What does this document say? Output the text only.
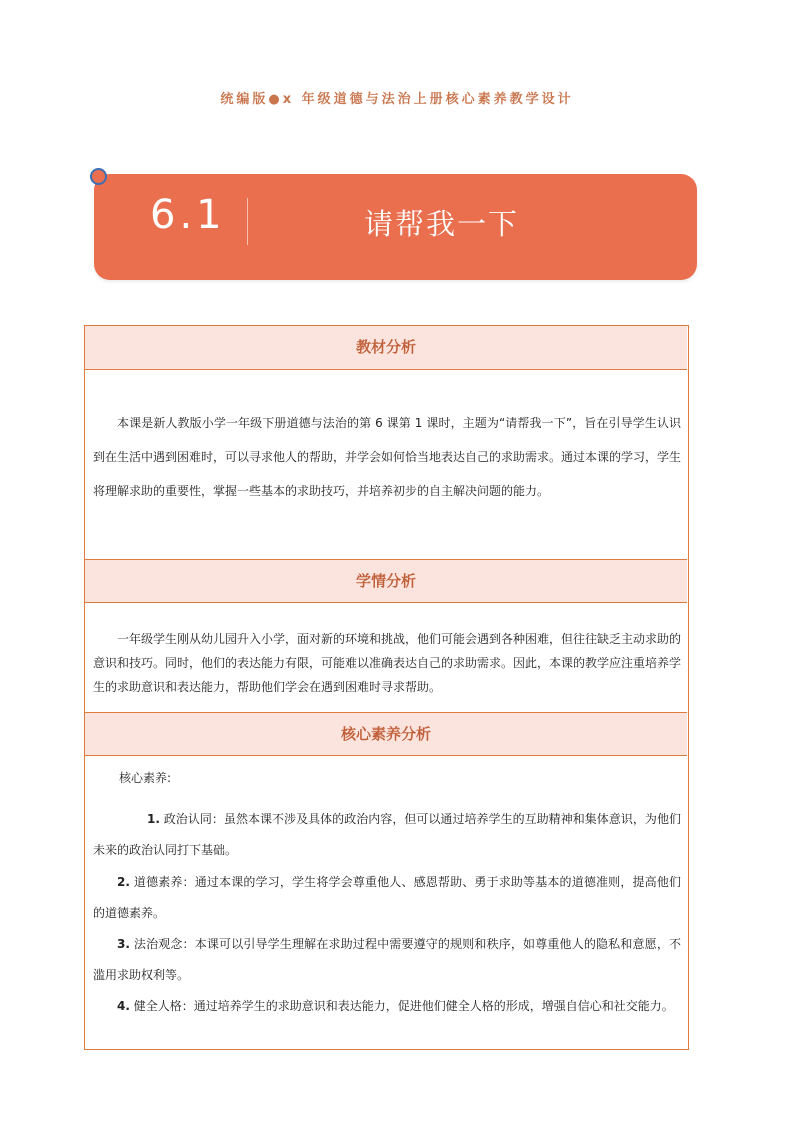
统编版●x 年级道德与法治上册核心素养教学设计
6.1	请帮我一下
教材分析
本课是新人教版小学一年级下册道德与法治的第 6 课第 1 课时，主题为“请帮我一下”，旨在引导学生认识到在生活中遇到困难时，可以寻求他人的帮助，并学会如何恰当地表达自己的求助需求。通过本课的学习，学生将理解求助的重要性，掌握一些基本的求助技巧，并培养初步的自主解决问题的能力。
学情分析
一年级学生刚从幼儿园升入小学，面对新的环境和挑战，他们可能会遇到各种困难，但往往缺乏主动求助的意识和技巧。同时，他们的表达能力有限，可能难以准确表达自己的求助需求。因此，本课的教学应注重培养学生的求助意识和表达能力，帮助他们学会在遇到困难时寻求帮助。
核心素养分析
核心素养:
1. 政治认同：虽然本课不涉及具体的政治内容，但可以通过培养学生的互助精神和集体意识，为他们未来的政治认同打下基础。
2. 道德素养：通过本课的学习，学生将学会尊重他人、感恩帮助、勇于求助等基本的道德准则，提高他们的道德素养。
3. 法治观念：本课可以引导学生理解在求助过程中需要遵守的规则和秩序，如尊重他人的隐私和意愿，不滥用求助权利等。
4. 健全人格：通过培养学生的求助意识和表达能力，促进他们健全人格的形成，增强自信心和社交能力。
